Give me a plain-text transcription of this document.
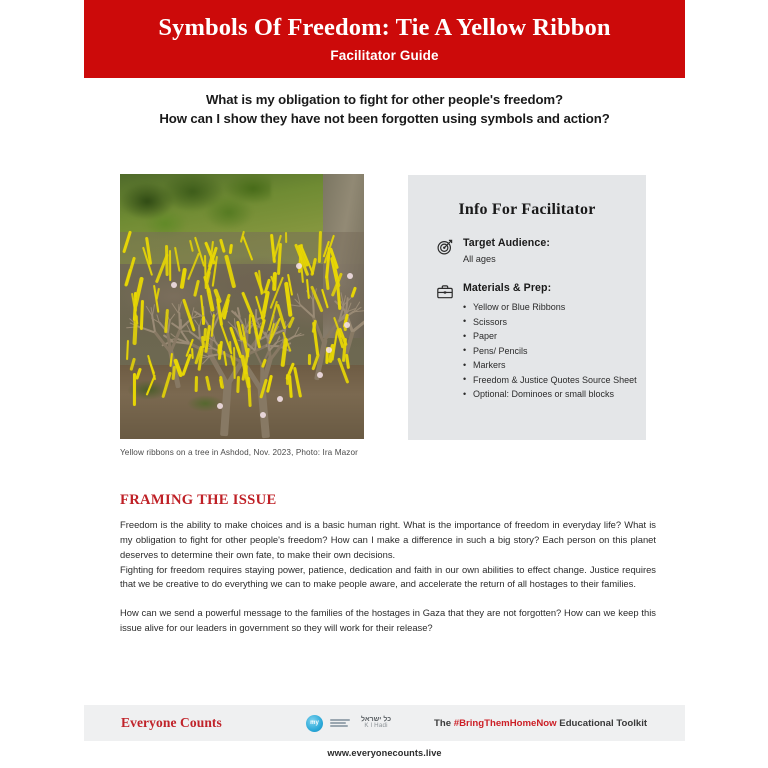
Symbols Of Freedom: Tie A Yellow Ribbon
Facilitator Guide
What is my obligation to fight for other people's freedom?
How can I show they have not been forgotten using symbols and action?
Yellow ribbons on a tree in Ashdod, Nov. 2023, Photo: Ira Mazor
Info For Facilitator
Target Audience:
All ages
Materials & Prep:
• Yellow or Blue Ribbons
• Scissors
• Paper
• Pens/ Pencils
• Markers
• Freedom & Justice Quotes Source Sheet
• Optional: Dominoes or small blocks
FRAMING THE ISSUE

Freedom is the ability to make choices and is a basic human right. What is the importance of freedom in everyday life? What is my obligation to fight for other people's freedom? How can I make a difference in such a big story? Each person on this planet deserves to determine their own fate, to make their own decisions.

Fighting for freedom requires staying power, patience, dedication and faith in our own abilities to effect change. Justice requires that we be creative to do everything we can to make people aware, and accelerate the return of all hostages to their families.

How can we send a powerful message to the families of the hostages in Gaza that they are not forgotten? How can we keep this issue alive for our leaders in government so they will work for their release?

Everyone Counts	my	כל ישראל
K l Hadi	The #BringThemHomeNow Educational Toolkit
www.everyonecounts.live
